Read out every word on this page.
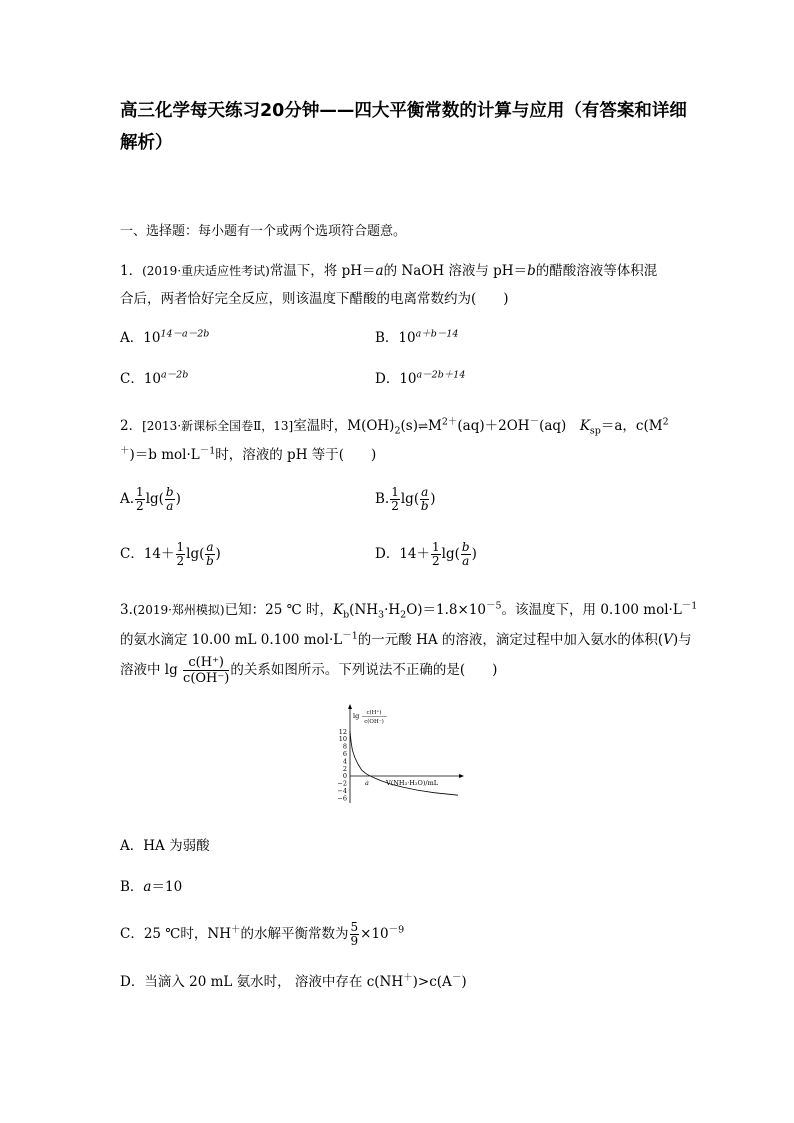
高三化学每天练习20分钟——四大平衡常数的计算与应用（有答案和详细解析）
一、选择题：每小题有一个或两个选项符合题意。
1．(2019·重庆适应性考试)常温下，将 pH＝a的 NaOH 溶液与 pH＝b的醋酸溶液等体积混
合后，两者恰好完全反应，则该温度下醋酸的电离常数约为(　　)
A．$10^{14-a-2b}$	B．$10^{a+b-14}$
C．$10^{a-2b}$	D．$10^{a-2b+14}$
2．[2013·新课标全国卷Ⅱ，13]室温时，$M(OH)_2(s)\rightleftharpoons M^{2+}(aq)+2OH^-(aq)$　$K_{sp}=a$，$c(M^2$
＋)＝b $mol\cdot L^{-1}$时，溶液的 pH 等于(　　)
A. $\frac{1}{2} \lg( \frac{b}{a}$ )	B. $\frac{1}{2} \lg( \frac{a}{b}$ )
C．$14+ \frac{1}{2} \lg( \frac{a}{b}$ )	D．$14+ \frac{1}{2} \lg( \frac{b}{a}$ )
3.(2019·郑州模拟)已知：25 ℃ 时，$K_b(NH_3\cdot H_2O)=1.8\times 10^{-5}$。该温度下，用 0.100 $mol\cdot L^{-1}$
的氨水滴定 10.00 mL 0.100 $mol\cdot L^{-1}$的一元酸 HA 的溶液，滴定过程中加入氨水的体积(V)与
溶液中 $\lg \frac{c(H^+)}{c(OH^-)}$ 的关系如图所示。下列说法不正确的是(　　)
12
10
8
6
4
2
0
−2
−4
−6
lg c(H⁺)
c(OH⁻)
a	V(NH₃·H₂O)/mL
A．HA 为弱酸
B．a＝10
C．25 ℃时，NH＋的水解平衡常数为 $\frac{5}{9} \times 10^{-9}$
D．当滴入 20 mL 氨水时， 溶液中存在 c(NH＋)>c(A－)
